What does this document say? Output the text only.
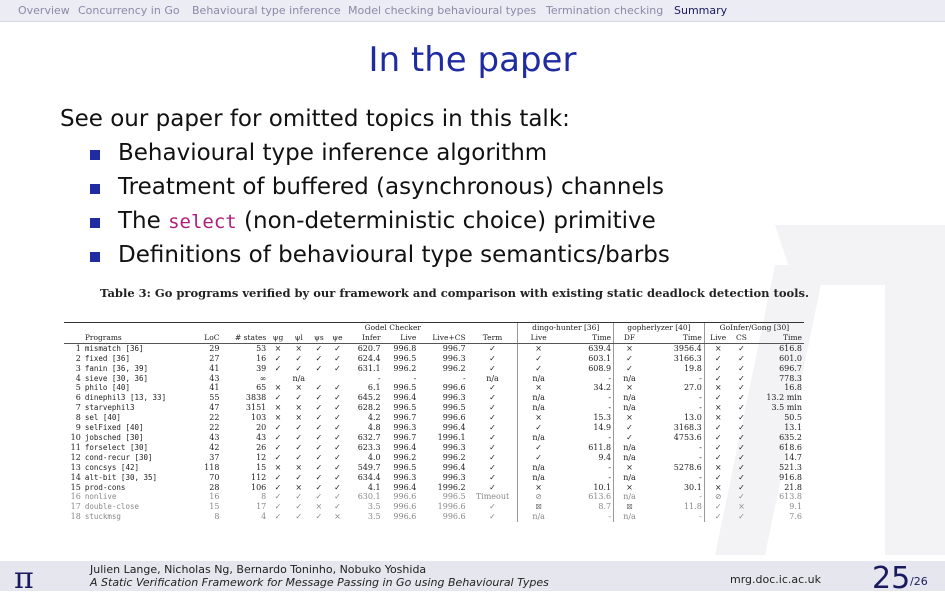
Overview Concurrency in Go Behavioural type inference Model checking behavioural types Termination checking Summary
In the paper
See our paper for omitted topics in this talk:
Behavioural type inference algorithm
Treatment of buffered (asynchronous) channels
The select (non-deterministic choice) primitive
Definitions of behavioural type semantics/barbs
Table 3: Go programs verified by our framework and comparison with existing static deadlock detection tools.

				Godel Checker								dingo-hunter [36]		gopherlyzer [40]		GoInfer/Gong [30]		
	Programs	LoC	# states	ψg	ψl	ψs	ψe	Infer	Live	Live+CS	Term	Live	Time	DF	Time	Live	CS	Time
1	mismatch [36]	29	53	×	×	✓	✓	620.7	996.8	996.7	✓	×	639.4	×	3956.4	×	✓	616.8
2	fixed [36]	27	16	✓	✓	✓	✓	624.4	996.5	996.3	✓	✓	603.1	✓	3166.3	✓	✓	601.0
3	fanin [36, 39]	41	39	✓	✓	✓	✓	631.1	996.2	996.2	✓	✓	608.9	✓	19.8	✓	✓	696.7
4	sieve [30, 36]	43	∞		n/a			-	-	-	n/a	n/a	-	n/a	-	✓	✓	778.3
5	philo [40]	41	65	×	×	✓	✓	6.1	996.5	996.6	✓	×	34.2	×	27.0	×	✓	16.8
6	dinephil3 [13, 33]	55	3838	✓	✓	✓	✓	645.2	996.4	996.3	✓	n/a	-	n/a	-	✓	✓	13.2 min
7	starvephil3	47	3151	×	×	✓	✓	628.2	996.5	996.5	✓	n/a	-	n/a	-	×	✓	3.5 min
8	sel [40]	22	103	×	×	✓	✓	4.2	996.7	996.6	✓	×	15.3	×	13.0	×	✓	50.5
9	selFixed [40]	22	20	✓	✓	✓	✓	4.8	996.3	996.4	✓	✓	14.9	✓	3168.3	✓	✓	13.1
10	jobsched [30]	43	43	✓	✓	✓	✓	632.7	996.7	1996.1	✓	n/a	-	✓	4753.6	✓	✓	635.2
11	forselect [30]	42	26	✓	✓	✓	✓	623.3	996.4	996.3	✓	✓	611.8	n/a	-	✓	✓	618.6
12	cond-recur [30]	37	12	✓	✓	✓	✓	4.0	996.2	996.2	✓	✓	9.4	n/a	-	✓	✓	14.7
13	concsys [42]	118	15	×	×	✓	✓	549.7	996.5	996.4	✓	n/a	-	×	5278.6	×	✓	521.3
14	alt-bit [30, 35]	70	112	✓	✓	✓	✓	634.4	996.3	996.3	✓	n/a	-	n/a	-	✓	✓	916.8
15	prod-cons	28	106	✓	×	✓	✓	4.1	996.4	1996.2	✓	×	10.1	×	30.1	×	✓	21.8
16	nonlive	16	8	✓	✓	✓	✓	630.1	996.6	996.5	Timeout	⊘	613.6	n/a	-	⊘	✓	613.8
17	double-close	15	17	✓	✓	×	✓	3.5	996.6	1996.6	✓	⊠	8.7	⊠	11.8	✓	×	9.1
18	stuckmsg	8	4	✓	✓	✓	×	3.5	996.6	996.6	✓	n/a	-	n/a	-	✓	✓	7.6
π	Julien Lange, Nicholas Ng, Bernardo Toninho, Nobuko Yoshida
A Static Verification Framework for Message Passing in Go using Behavioural Types	mrg.doc.ic.ac.uk 25 /26
